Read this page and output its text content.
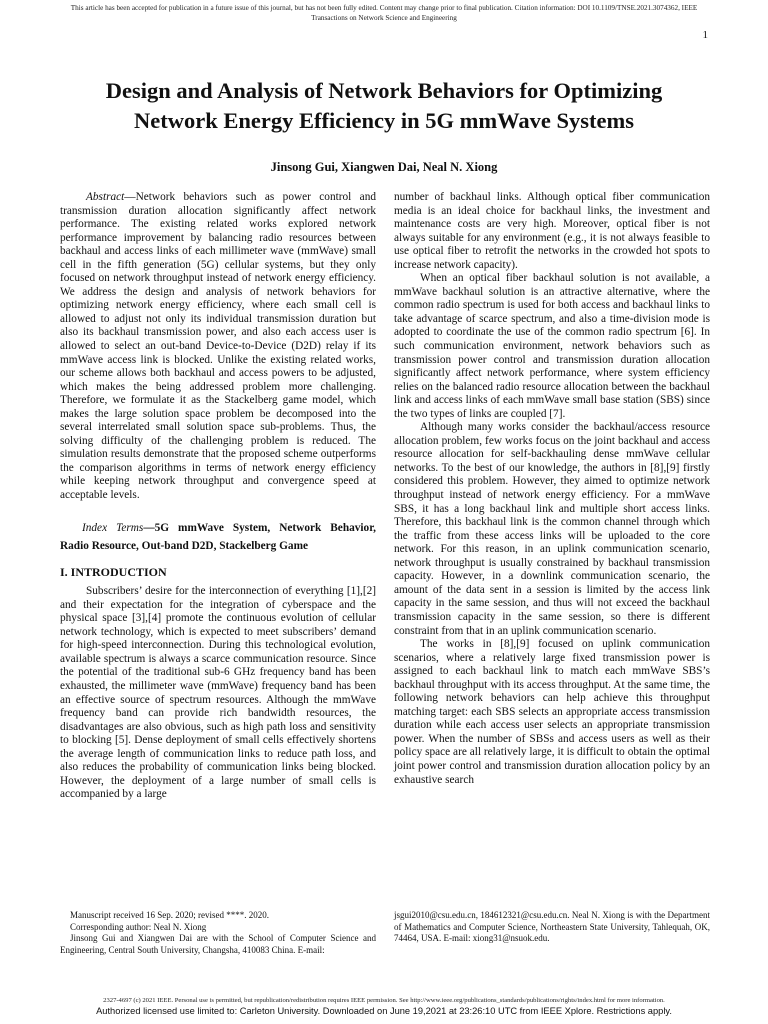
This article has been accepted for publication in a future issue of this journal, but has not been fully edited. Content may change prior to final publication. Citation information: DOI 10.1109/TNSE.2021.3074362, IEEE
Transactions on Network Science and Engineering
1
Design and Analysis of Network Behaviors for Optimizing
Network Energy Efficiency in 5G mmWave Systems
Jinsong Gui, Xiangwen Dai, Neal N. Xiong

Abstract—Network behaviors such as power control and transmission duration allocation significantly affect network performance. The existing related works explored network performance improvement by balancing radio resources between backhaul and access links of each millimeter wave (mmWave) small cell in the fifth generation (5G) cellular systems, but they only focused on network throughput instead of network energy efficiency. We address the design and analysis of network behaviors for optimizing network energy efficiency, where each small cell is allowed to adjust not only its individual transmission duration but also its backhaul transmission power, and also each access user is allowed to select an out-band Device-to-Device (D2D) relay if its mmWave access link is blocked. Unlike the existing related works, our scheme allows both backhaul and access powers to be adjusted, which makes the being addressed problem more challenging. Therefore, we formulate it as the Stackelberg game model, which makes the large solution space problem be decomposed into the several interrelated small solution space sub-problems. Thus, the solving difficulty of the challenging problem is reduced. The simulation results demonstrate that the proposed scheme outperforms the comparison algorithms in terms of network energy efficiency while keeping network throughput and convergence speed at acceptable levels.

Index Terms—5G mmWave System, Network Behavior, Radio Resource, Out-band D2D, Stackelberg Game

I. INTRODUCTION

Subscribers’ desire for the interconnection of everything [1],[2] and their expectation for the integration of cyberspace and the physical space [3],[4] promote the continuous evolution of cellular network technology, which is expected to meet subscribers’ demand for high-speed interconnection. During this technological evolution, available spectrum is always a scarce communication resource. Since the potential of the traditional sub-6 GHz frequency band has been exhausted, the millimeter wave (mmWave) frequency band has been an effective source of spectrum resources. Although the mmWave frequency band can provide rich bandwidth resources, the disadvantages are also obvious, such as high path loss and sensitivity to blocking [5]. Dense deployment of small cells effectively shortens the average length of communication links to reduce path loss, and also reduces the probability of communication links being blocked. However, the deployment of a large number of small cells is accompanied by a large

number of backhaul links. Although optical fiber communication media is an ideal choice for backhaul links, the investment and maintenance costs are very high. Moreover, optical fiber is not always suitable for any environment (e.g., it is not always feasible to use optical fiber to retrofit the networks in the crowded hot spots to increase network capacity).

When an optical fiber backhaul solution is not available, a mmWave backhaul solution is an attractive alternative, where the common radio spectrum is used for both access and backhaul links to take advantage of scarce spectrum, and also a time-division mode is adopted to coordinate the use of the common radio spectrum [6]. In such communication environment, network behaviors such as transmission power control and transmission duration allocation significantly affect network performance, where system efficiency relies on the balanced radio resource allocation between the backhaul link and access links of each mmWave small base station (SBS) since the two types of links are coupled [7].

Although many works consider the backhaul/access resource allocation problem, few works focus on the joint backhaul and access resource allocation for self-backhauling dense mmWave cellular networks. To the best of our knowledge, the authors in [8],[9] firstly considered this problem. However, they aimed to optimize network throughput instead of network energy efficiency. For a mmWave SBS, it has a long backhaul link and multiple short access links. Therefore, this backhaul link is the common channel through which the traffic from these access links will be uploaded to the core network. For this reason, in an uplink communication scenario, network throughput is usually constrained by backhaul transmission capacity. However, in a downlink communication scenario, the amount of the data sent in a session is limited by the access link capacity in the same session, and thus will not exceed the backhaul transmission capacity in the same session, so there is different constraint from that in an uplink communication scenario.

The works in [8],[9] focused on uplink communication scenarios, where a relatively large fixed transmission power is assigned to each backhaul link to match each mmWave SBS’s backhaul throughput with its access throughput. At the same time, the following network behaviors can help achieve this throughput matching target: each SBS selects an appropriate access transmission duration while each access user selects an appropriate transmission power. When the number of SBSs and access users as well as their policy space are all relatively large, it is difficult to obtain the optimal joint power control and transmission duration allocation policy by an exhaustive search

Manuscript received 16 Sep. 2020; revised ****. 2020.

Corresponding author: Neal N. Xiong

Jinsong Gui and Xiangwen Dai are with the School of Computer Science and Engineering, Central South University, Changsha, 410083 China. E-mail:

jsgui2010@csu.edu.cn, 184612321@csu.edu.cn. Neal N. Xiong is with the Department of Mathematics and Computer Science, Northeastern State University, Tahlequah, OK, 74464, USA. E-mail: xiong31@nsuok.edu.

2327-4697 (c) 2021 IEEE. Personal use is permitted, but republication/redistribution requires IEEE permission. See http://www.ieee.org/publications_standards/publications/rights/index.html for more information.
Authorized licensed use limited to: Carleton University. Downloaded on June 19,2021 at 23:26:10 UTC from IEEE Xplore. Restrictions apply.
